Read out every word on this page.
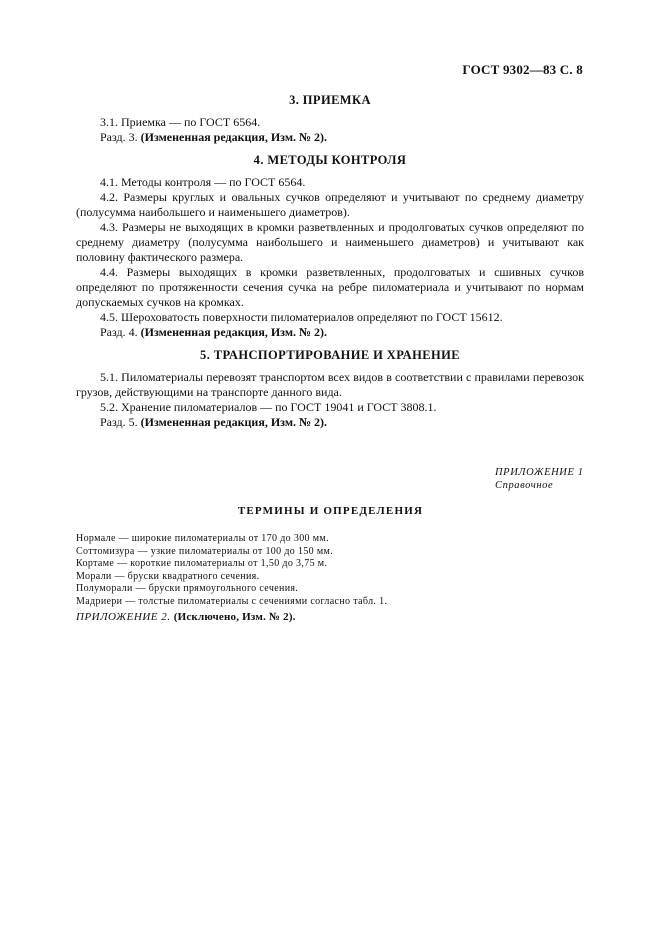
ГОСТ 9302—83 С. 8
3. ПРИЕМКА

3.1. Приемка — по ГОСТ 6564.

Разд. 3. (Измененная редакция, Изм. № 2).

4. МЕТОДЫ КОНТРОЛЯ

4.1. Методы контроля — по ГОСТ 6564.

4.2. Размеры круглых и овальных сучков определяют и учитывают по среднему диаметру (полусумма наибольшего и наименьшего диаметров).

4.3. Размеры не выходящих в кромки разветвленных и продолговатых сучков определяют по среднему диаметру (полусумма наибольшего и наименьшего диаметров) и учитывают как половину фактического размера.

4.4. Размеры выходящих в кромки разветвленных, продолговатых и сшивных сучков определяют по протяженности сечения сучка на ребре пиломатериала и учитывают по нормам допускаемых сучков на кромках.

4.5. Шероховатость поверхности пиломатериалов определяют по ГОСТ 15612.

Разд. 4. (Измененная редакция, Изм. № 2).

5. ТРАНСПОРТИРОВАНИЕ И ХРАНЕНИЕ

5.1. Пиломатериалы перевозят транспортом всех видов в соответствии с правилами перевозок грузов, действующими на транспорте данного вида.

5.2. Хранение пиломатериалов — по ГОСТ 19041 и ГОСТ 3808.1.

Разд. 5. (Измененная редакция, Изм. № 2).

ПРИЛОЖЕНИЕ 1
Справочное
ТЕРМИНЫ И ОПРЕДЕЛЕНИЯ
Нормале — широкие пиломатериалы от 170 до 300 мм.
Соттомизура — узкие пиломатериалы от 100 до 150 мм.
Кортаме — короткие пиломатериалы от 1,50 до 3,75 м.
Морали — бруски квадратного сечения.
Полуморали — бруски прямоугольного сечения.
Мадриери — толстые пиломатериалы с сечениями согласно табл. 1.
ПРИЛОЖЕНИЕ 2. (Исключено, Изм. № 2).
